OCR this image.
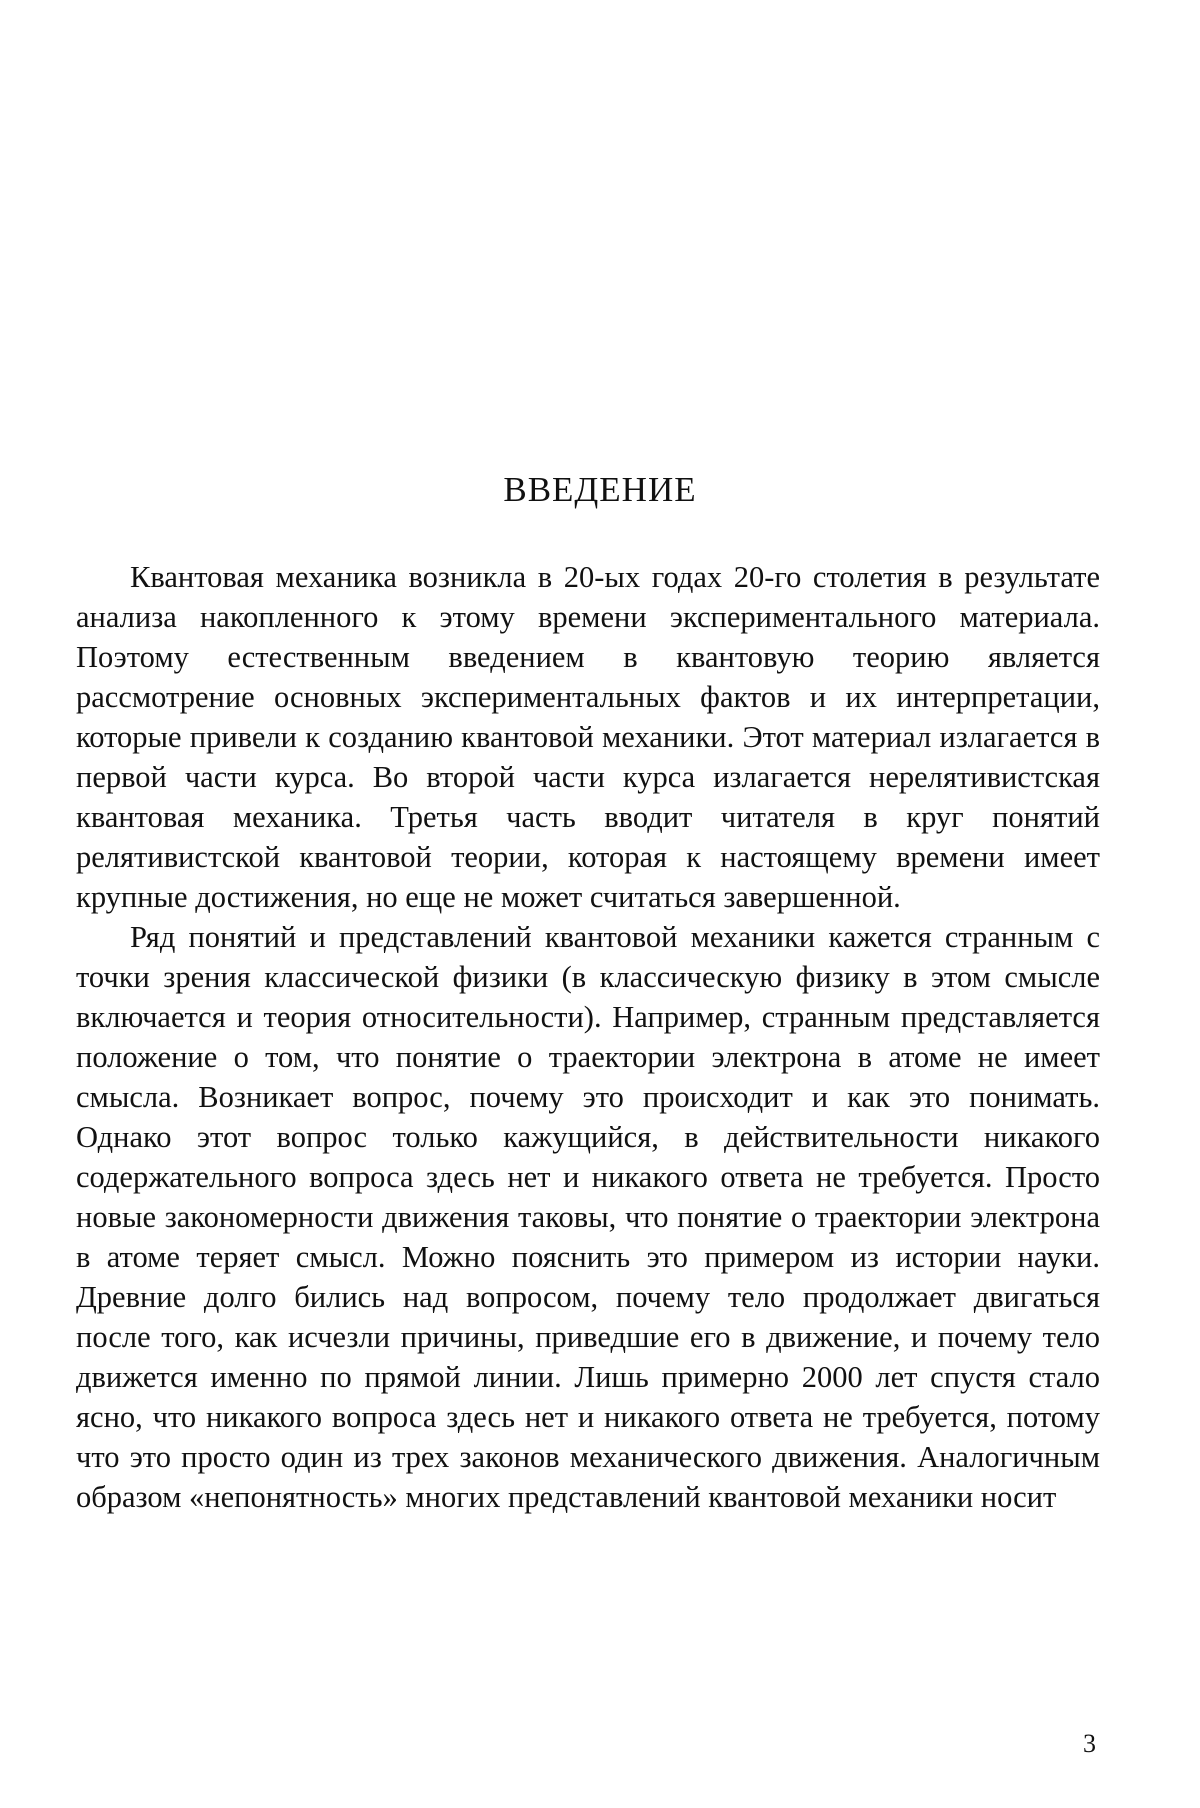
ВВЕДЕНИЕ

Квантовая механика возникла в 20-ых годах 20-го столетия в результате анализа накопленного к этому времени экспериментального материала. Поэтому естественным введением в квантовую теорию является рассмотрение основных экспериментальных фактов и их интерпретации, которые привели к созданию квантовой механики. Этот материал излагается в первой части курса. Во второй части курса излагается нерелятивистская квантовая механика. Третья часть вводит читателя в круг понятий релятивистской квантовой теории, которая к настоящему времени имеет крупные достижения, но еще не может считаться завершенной.

Ряд понятий и представлений квантовой механики кажется странным с точки зрения классической физики (в классическую физику в этом смысле включается и теория относительности). Например, странным представляется положение о том, что понятие о траектории электрона в атоме не имеет смысла. Возникает вопрос, почему это происходит и как это понимать. Однако этот вопрос только кажущийся, в действительности никакого содержательного вопроса здесь нет и никакого ответа не требуется. Просто новые закономерности движения таковы, что понятие о траектории электрона в атоме теряет смысл. Можно пояснить это примером из истории науки. Древние долго бились над вопросом, почему тело продолжает двигаться после того, как исчезли причины, приведшие его в движение, и почему тело движется именно по прямой линии. Лишь примерно 2000 лет спустя стало ясно, что никакого вопроса здесь нет и никакого ответа не требуется, потому что это просто один из трех законов механического движения. Аналогичным образом «непонятность» многих представлений квантовой механики носит

3
